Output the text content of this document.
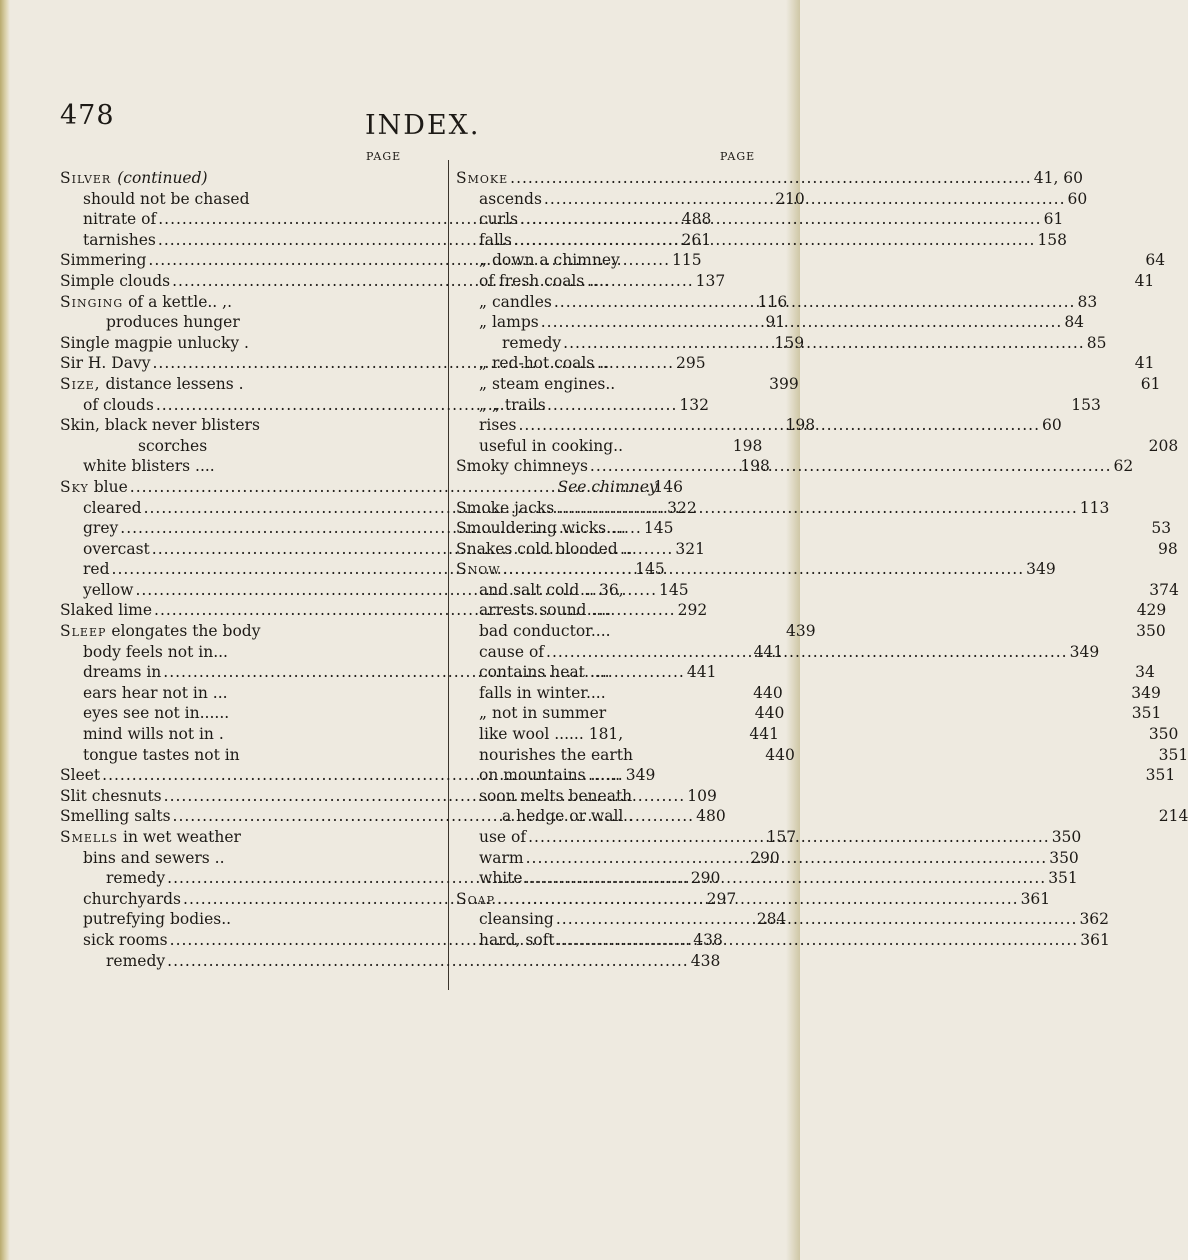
478	INDEX.
PAGE	PAGE
Silver (continued)
should not be chased	210
nitrate of .....	488
tarnishes .....	261
Simmering .....	115
Simple clouds .....	137
Singing of a kettle.. ,.	116
produces hunger	91
Single magpie unlucky .	159
Sir H. Davy .....	295
Size, distance lessens .	399
of clouds .....	132
Skin, black never blisters	198
scorches	198
white blisters ....	198
Sky blue .....	146
cleared .....	322
grey .....	145
overcast .....	321
red .....	145
yellow .....	145
Slaked lime .....	292
Sleep elongates the body	439
body feels not in...	441
dreams in .....	441
ears hear not in ...	440
eyes see not in......	440
mind wills not in .	441
tongue tastes not in	440
Sleet .....	349
Slit chesnuts .....	109
Smelling salts .....	480
Smells in wet weather	157
bins and sewers ..	290
remedy .....	290
churchyards .....	297
putrefying bodies..	284
sick rooms .....	438
remedy .....	438
Smoke .....	41, 60
ascends .....	60
curls .....	61
falls .....	158
„ down a chimney	64
of fresh coals ....	41
„ candles .....	83
„ lamps .....	84
remedy .....	85
„ red-hot coals ..	41
„ steam engines..	61
„ „ trails	153
rises .....	60
useful in cooking..	208
Smoky chimneys .....	62
See chimney.
Smoke jacks .....	113
Smouldering wicks....	53
Snakes cold blooded ..	98
Snow .....	349
and salt cold .. 36,	374
arrests sound ....	429
bad conductor....	350
cause of .....	349
contains heat ....	34
falls in winter....	349
„ not in summer	351
like wool ...... 181,	350
nourishes the earth	351
on mountains ......	351
soon melts beneath
a hedge or wall .	214
use of .....	350
warm .....	350
white .....	351
Soap .....	361
cleansing .....	362
hard, soft .....	361
